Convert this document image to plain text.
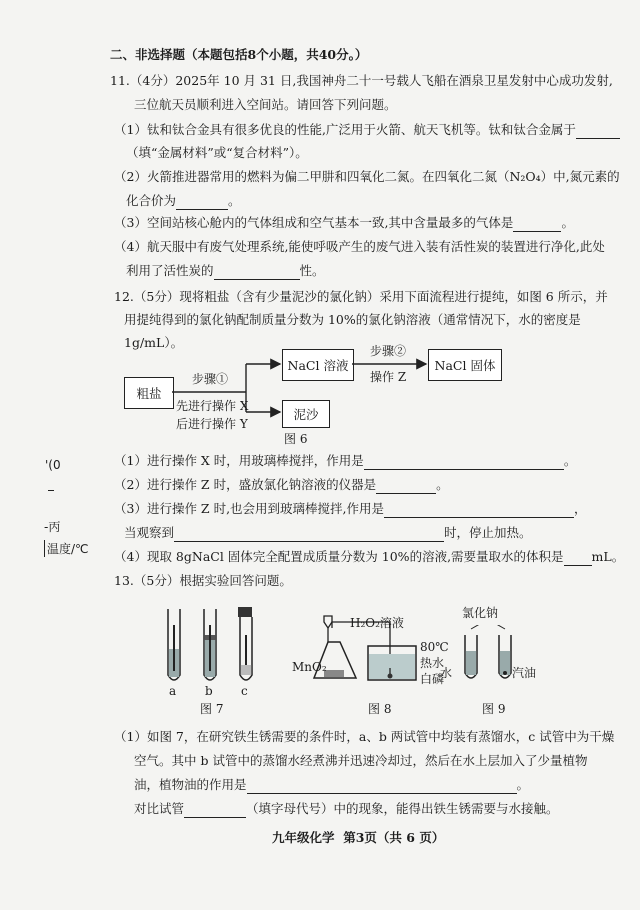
二、非选择题（本题包括8个小题，共40分。）
11.（4分）2025年 10 月 31 日,我国神舟二十一号载人飞船在酒泉卫星发射中心成功发射,
三位航天员顺利进入空间站。请回答下列问题。
（1）钛和钛合金具有很多优良的性能,广泛用于火箭、航天飞机等。钛和钛合金属于
（填“金属材料”或“复合材料”）。
（2）火箭推进器常用的燃料为偏二甲肼和四氧化二氮。在四氧化二氮（N₂O₄）中,氮元素的
化合价为	。
（3）空间站核心舱内的气体组成和空气基本一致,其中含量最多的气体是	。
（4）航天服中有废气处理系统,能使呼吸产生的废气进入装有活性炭的装置进行净化,此处
利用了活性炭的	性。
12.（5分）现将粗盐（含有少量泥沙的氯化钠）采用下面流程进行提纯，如图 6 所示，并
用提纯得到的氯化钠配制质量分数为 10%的氯化钠溶液（通常情况下，水的密度是
1g/mL）。
粗盐
NaCl 溶液	NaCl 固体
泥沙
步骤①
先进行操作 X
后进行操作 Y
步骤②
操作 Z
图 6
（1）进行操作 X 时，用玻璃棒搅拌，作用是	。
（2）进行操作 Z 时，盛放氯化钠溶液的仪器是	。
（3）进行操作 Z 时,也会用到玻璃棒搅拌,作用是	，
当观察到	时，停止加热。
（4）现取 8gNaCl 固体完全配置成质量分数为 10%的溶液,需要量取水的体积是 mL。
13.（5分）根据实验回答问题。
a b c
图 7
H₂O₂溶液
MnO₂
80℃
热水
白磷
图 8
氯化钠
水	汽油
图 9
（1）如图 7，在研究铁生锈需要的条件时，a、b 两试管中均装有蒸馏水，c 试管中为干燥
空气。其中 b 试管中的蒸馏水经煮沸并迅速冷却过，然后在水上层加入了少量植物
油，植物油的作用是	。
对比试管	（填字母代号）中的现象，能得出铁生锈需要与水接触。
'(0
-丙
温度/℃
九年级化学 第3页（共 6 页）
